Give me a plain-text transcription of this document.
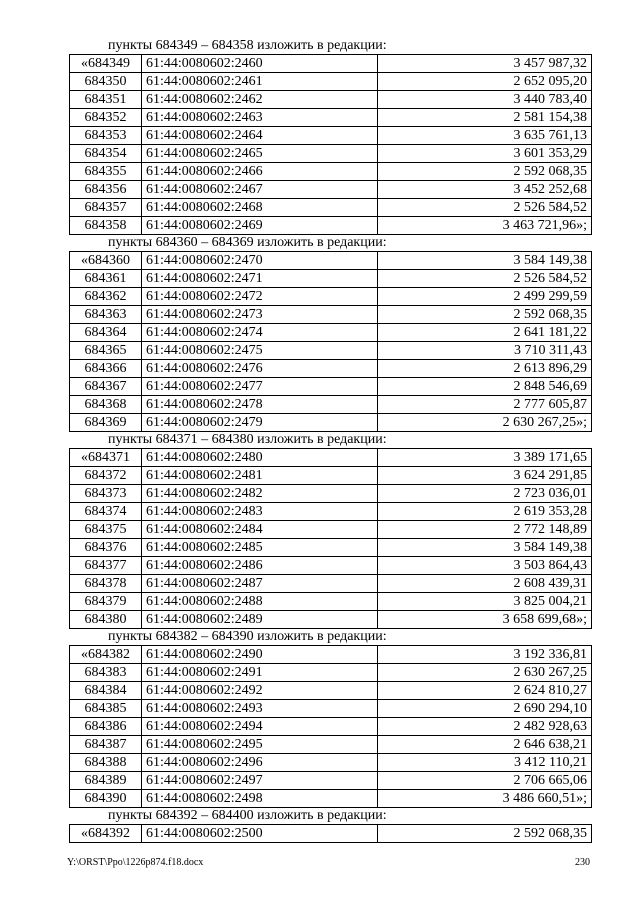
пункты 684349 – 684358 изложить в редакции:
«684349	61:44:0080602:2460	3 457 987,32
684350	61:44:0080602:2461	2 652 095,20
684351	61:44:0080602:2462	3 440 783,40
684352	61:44:0080602:2463	2 581 154,38
684353	61:44:0080602:2464	3 635 761,13
684354	61:44:0080602:2465	3 601 353,29
684355	61:44:0080602:2466	2 592 068,35
684356	61:44:0080602:2467	3 452 252,68
684357	61:44:0080602:2468	2 526 584,52
684358	61:44:0080602:2469	3 463 721,96»;
пункты 684360 – 684369 изложить в редакции:
«684360	61:44:0080602:2470	3 584 149,38
684361	61:44:0080602:2471	2 526 584,52
684362	61:44:0080602:2472	2 499 299,59
684363	61:44:0080602:2473	2 592 068,35
684364	61:44:0080602:2474	2 641 181,22
684365	61:44:0080602:2475	3 710 311,43
684366	61:44:0080602:2476	2 613 896,29
684367	61:44:0080602:2477	2 848 546,69
684368	61:44:0080602:2478	2 777 605,87
684369	61:44:0080602:2479	2 630 267,25»;
пункты 684371 – 684380 изложить в редакции:
«684371	61:44:0080602:2480	3 389 171,65
684372	61:44:0080602:2481	3 624 291,85
684373	61:44:0080602:2482	2 723 036,01
684374	61:44:0080602:2483	2 619 353,28
684375	61:44:0080602:2484	2 772 148,89
684376	61:44:0080602:2485	3 584 149,38
684377	61:44:0080602:2486	3 503 864,43
684378	61:44:0080602:2487	2 608 439,31
684379	61:44:0080602:2488	3 825 004,21
684380	61:44:0080602:2489	3 658 699,68»;
пункты 684382 – 684390 изложить в редакции:
«684382	61:44:0080602:2490	3 192 336,81
684383	61:44:0080602:2491	2 630 267,25
684384	61:44:0080602:2492	2 624 810,27
684385	61:44:0080602:2493	2 690 294,10
684386	61:44:0080602:2494	2 482 928,63
684387	61:44:0080602:2495	2 646 638,21
684388	61:44:0080602:2496	3 412 110,21
684389	61:44:0080602:2497	2 706 665,06
684390	61:44:0080602:2498	3 486 660,51»;
пункты 684392 – 684400 изложить в редакции:
«684392	61:44:0080602:2500	2 592 068,35
Y:\ORST\Ppo\1226p874.f18.docx	230
